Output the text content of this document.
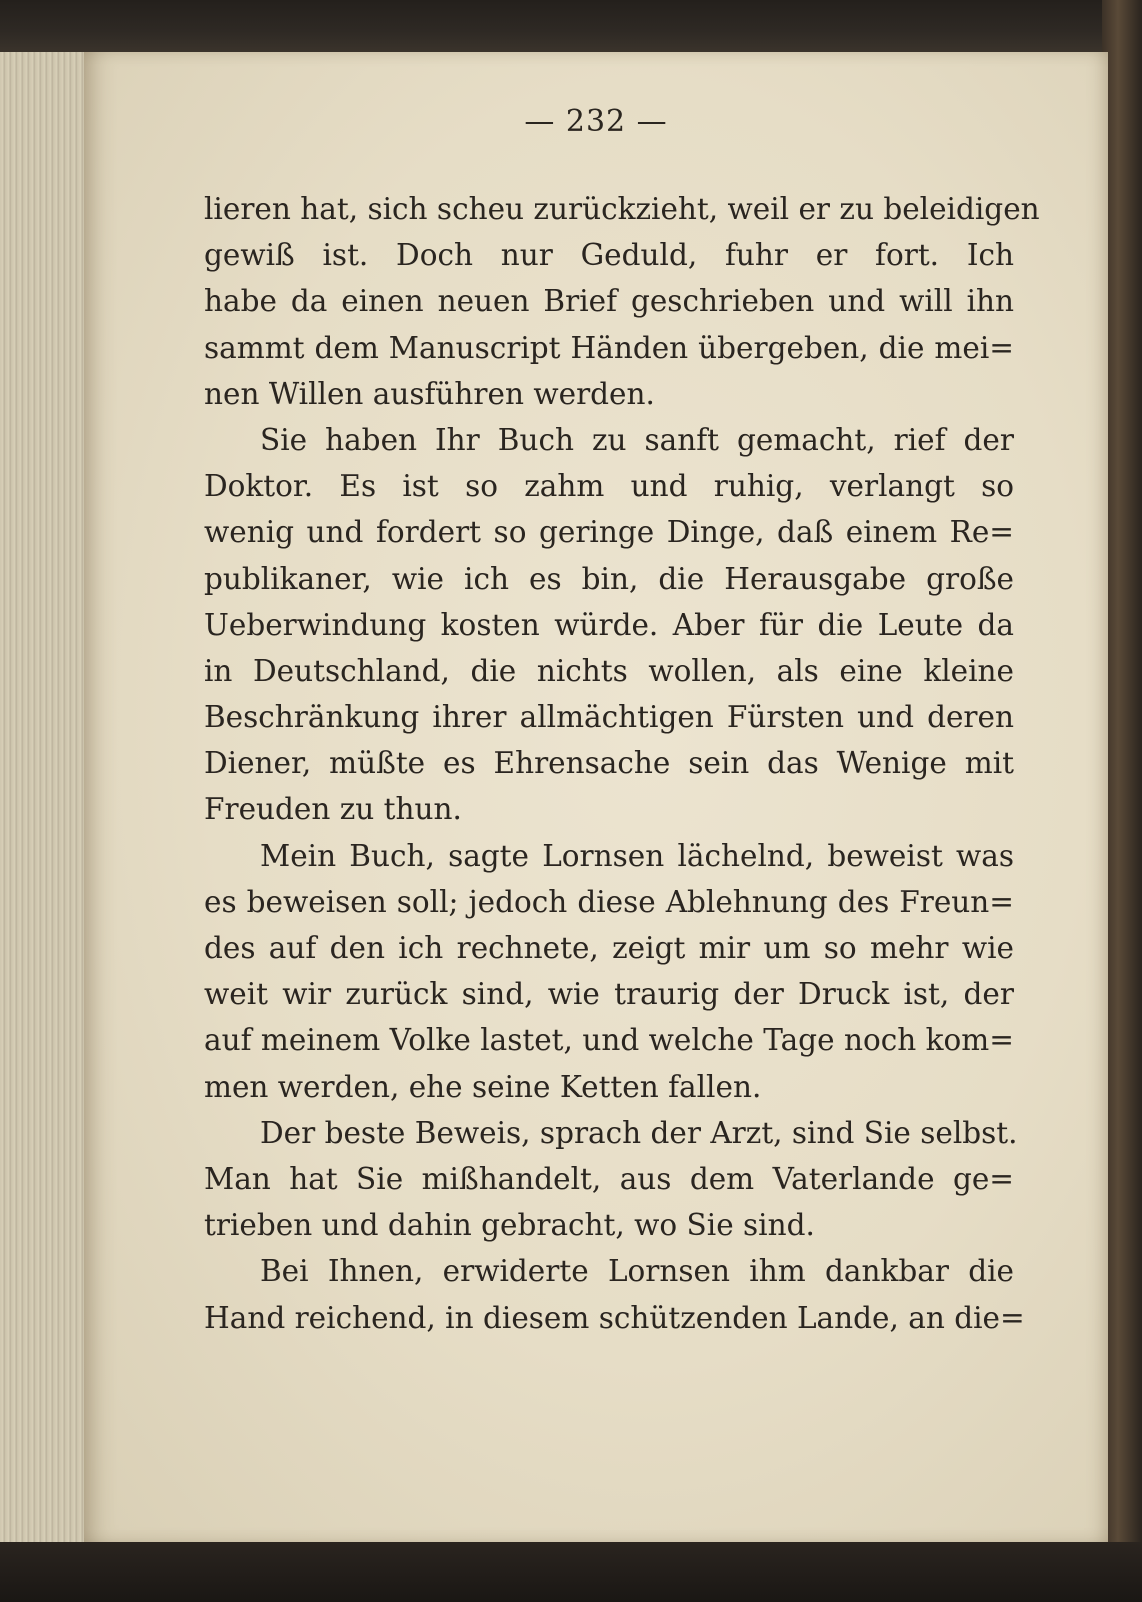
— 232 —
lieren hat, sich scheu zurückzieht, weil er zu beleidigen
gewiß ist. Doch nur Geduld, fuhr er fort. Ich
habe da einen neuen Brief geschrieben und will ihn
sammt dem Manuscript Händen übergeben, die mei=
nen Willen ausführen werden.
Sie haben Ihr Buch zu sanft gemacht, rief der
Doktor. Es ist so zahm und ruhig, verlangt so
wenig und fordert so geringe Dinge, daß einem Re=
publikaner, wie ich es bin, die Herausgabe große
Ueberwindung kosten würde. Aber für die Leute da
in Deutschland, die nichts wollen, als eine kleine
Beschränkung ihrer allmächtigen Fürsten und deren
Diener, müßte es Ehrensache sein das Wenige mit
Freuden zu thun.
Mein Buch, sagte Lornsen lächelnd, beweist was
es beweisen soll; jedoch diese Ablehnung des Freun=
des auf den ich rechnete, zeigt mir um so mehr wie
weit wir zurück sind, wie traurig der Druck ist, der
auf meinem Volke lastet, und welche Tage noch kom=
men werden, ehe seine Ketten fallen.
Der beste Beweis, sprach der Arzt, sind Sie selbst.
Man hat Sie mißhandelt, aus dem Vaterlande ge=
trieben und dahin gebracht, wo Sie sind.
Bei Ihnen, erwiderte Lornsen ihm dankbar die
Hand reichend, in diesem schützenden Lande, an die=
